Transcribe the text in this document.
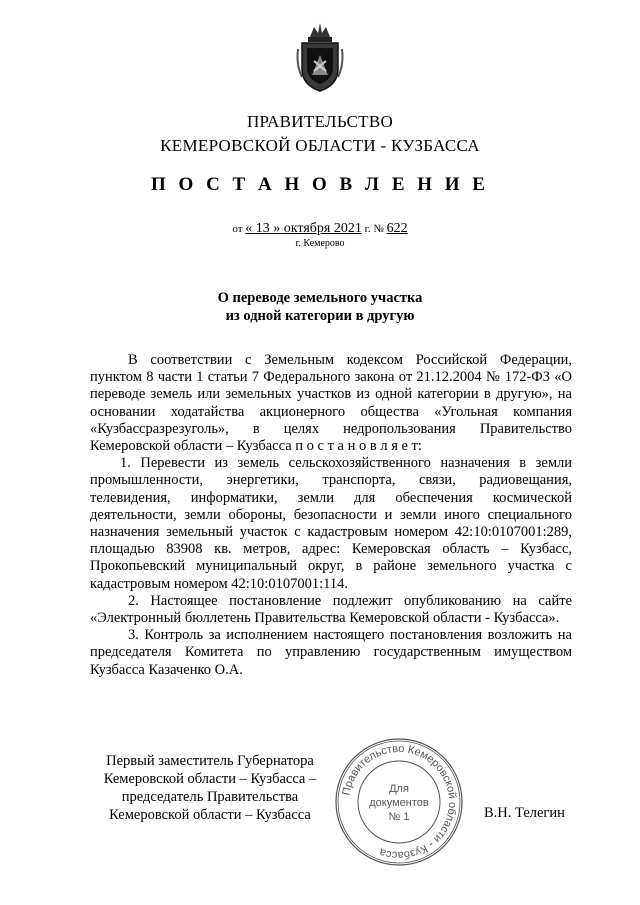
ПРАВИТЕЛЬСТВО
КЕМЕРОВСКОЙ ОБЛАСТИ - КУЗБАССА
П О С Т А Н О В Л Е Н И Е
от « 13 » октября 2021 г. № 622
г. Кемерово
О переводе земельного участка
из одной категории в другую

В соответствии с Земельным кодексом Российской Федерации, пунктом 8 части 1 статьи 7 Федерального закона от 21.12.2004 № 172-ФЗ «О переводе земель или земельных участков из одной категории в другую», на основании ходатайства акционерного общества «Угольная компания «Кузбассразрезуголь», в целях недропользования Правительство Кемеровской области – Кузбасса п о с т а н о в л я е т:

1. Перевести из земель сельскохозяйственного назначения в земли промышленности, энергетики, транспорта, связи, радиовещания, телевидения, информатики, земли для обеспечения космической деятельности, земли обороны, безопасности и земли иного специального назначения земельный участок с кадастровым номером 42:10:0107001:289, площадью 83908 кв. метров, адрес: Кемеровская область – Кузбасс, Прокопьевский муниципальный округ, в районе земельного участка с кадастровым номером 42:10:0107001:114.

2. Настоящее постановление подлежит опубликованию на сайте «Электронный бюллетень Правительства Кемеровской области - Кузбасса».

3. Контроль за исполнением настоящего постановления возложить на председателя Комитета по управлению государственным имуществом Кузбасса Казаченко О.А.

Первый заместитель Губернатора
Кемеровской области – Кузбасса –
председатель Правительства
Кемеровской области – Кузбасса
Правительство Кемеровской области - Кузбасса
Для
документов
№ 1	В.Н. Телегин
